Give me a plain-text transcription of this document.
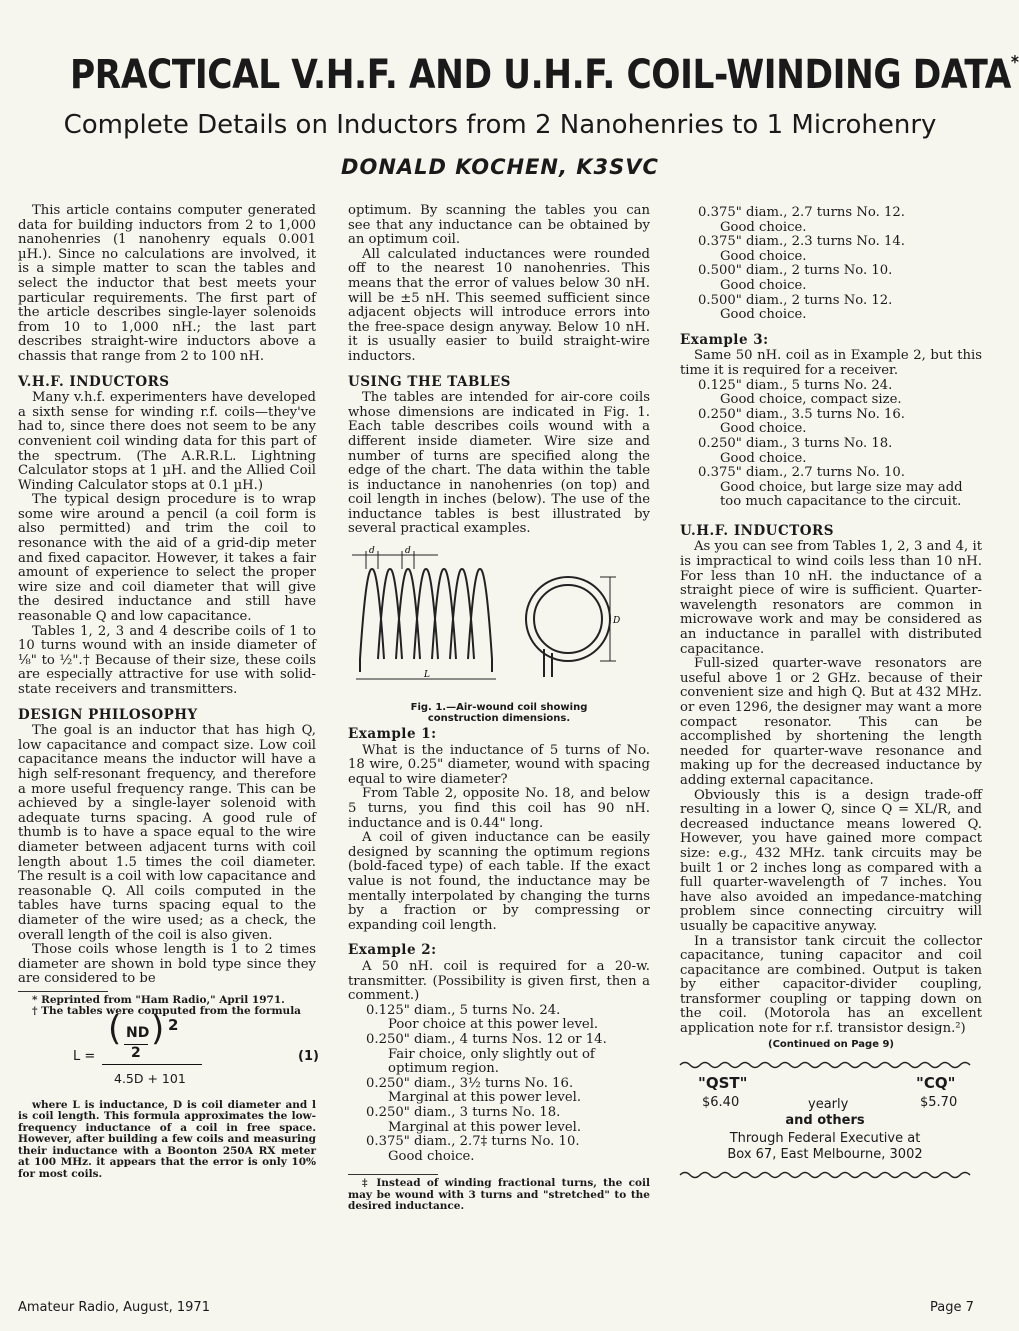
PRACTICAL V.H.F. AND U.H.F. COIL-WINDING DATA*
Complete Details on Inductors from 2 Nanohenries to 1 Microhenry
DONALD KOCHEN, K3SVC

This article contains computer generated data for building inductors from 2 to 1,000 nanohenries (1 nanohenry equals 0.001 µH.). Since no calculations are involved, it is a simple matter to scan the tables and select the inductor that best meets your particular requirements. The first part of the article describes single-layer solenoids from 10 to 1,000 nH.; the last part describes straight-wire inductors above a chassis that range from 2 to 100 nH.

V.H.F. INDUCTORS

Many v.h.f. experimenters have developed a sixth sense for winding r.f. coils—they've had to, since there does not seem to be any convenient coil winding data for this part of the spectrum. (The A.R.R.L. Lightning Calculator stops at 1 µH. and the Allied Coil Winding Calculator stops at 0.1 µH.)

The typical design procedure is to wrap some wire around a pencil (a coil form is also permitted) and trim the coil to resonance with the aid of a grid-dip meter and fixed capacitor. However, it takes a fair amount of experience to select the proper wire size and coil diameter that will give the desired inductance and still have reasonable Q and low capacitance.

Tables 1, 2, 3 and 4 describe coils of 1 to 10 turns wound with an inside diameter of ⅛" to ½".† Because of their size, these coils are especially attractive for use with solid-state receivers and transmitters.

DESIGN PHILOSOPHY

The goal is an inductor that has high Q, low capacitance and compact size. Low coil capacitance means the inductor will have a high self-resonant frequency, and therefore a more useful frequency range. This can be achieved by a single-layer solenoid with adequate turns spacing. A good rule of thumb is to have a space equal to the wire diameter between adjacent turns with coil length about 1.5 times the coil diameter. The result is a coil with low capacitance and reasonable Q. All coils computed in the tables have turns spacing equal to the diameter of the wire used; as a check, the overall length of the coil is also given.

Those coils whose length is 1 to 2 times diameter are shown in bold type since they are considered to be

* Reprinted from "Ham Radio," April 1971.

† The tables were computed from the formula

L =
( ND
2
) 2
4.5D + 101
(1)

where L is inductance, D is coil diameter and l is coil length. This formula approximates the low-frequency inductance of a coil in free space. However, after building a few coils and measuring their inductance with a Boonton 250A RX meter at 100 MHz. it appears that the error is only 10% for most coils.

optimum. By scanning the tables you can see that any inductance can be obtained by an optimum coil.

All calculated inductances were rounded off to the nearest 10 nanohenries. This means that the error of values below 30 nH. will be ±5 nH. This seemed sufficient since adjacent objects will introduce errors into the free-space design anyway. Below 10 nH. it is usually easier to build straight-wire inductors.

USING THE TABLES

The tables are intended for air-core coils whose dimensions are indicated in Fig. 1. Each table describes coils wound with a different inside diameter. Wire size and number of turns are specified along the edge of the chart. The data within the table is inductance in nanohenries (on top) and coil length in inches (below). The use of the inductance tables is best illustrated by several practical examples.

d	d
D
L
Fig. 1.—Air-wound coil showing
construction dimensions.
Example 1:

What is the inductance of 5 turns of No. 18 wire, 0.25" diameter, wound with spacing equal to wire diameter?

From Table 2, opposite No. 18, and below 5 turns, you find this coil has 90 nH. inductance and is 0.44" long.

A coil of given inductance can be easily designed by scanning the optimum regions (bold-faced type) of each table. If the exact value is not found, the inductance may be mentally interpolated by changing the turns by a fraction or by compressing or expanding coil length.

Example 2:

A 50 nH. coil is required for a 20-w. transmitter. (Possibility is given first, then a comment.)

0.125" diam., 5 turns No. 24.
Poor choice at this power level.
0.250" diam., 4 turns Nos. 12 or 14.
Fair choice, only slightly out of optimum region.
0.250" diam., 3½ turns No. 16.
Marginal at this power level.
0.250" diam., 3 turns No. 18.
Marginal at this power level.
0.375" diam., 2.7‡ turns No. 10.
Good choice.

‡ Instead of winding fractional turns, the coil may be wound with 3 turns and "stretched" to the desired inductance.

0.375" diam., 2.7 turns No. 12.
Good choice.
0.375" diam., 2.3 turns No. 14.
Good choice.
0.500" diam., 2 turns No. 10.
Good choice.
0.500" diam., 2 turns No. 12.
Good choice.
Example 3:

Same 50 nH. coil as in Example 2, but this time it is required for a receiver.

0.125" diam., 5 turns No. 24.
Good choice, compact size.
0.250" diam., 3.5 turns No. 16.
Good choice.
0.250" diam., 3 turns No. 18.
Good choice.
0.375" diam., 2.7 turns No. 10.
Good choice, but large size may add too much capacitance to the circuit.
U.H.F. INDUCTORS

As you can see from Tables 1, 2, 3 and 4, it is impractical to wind coils less than 10 nH. For less than 10 nH. the inductance of a straight piece of wire is sufficient. Quarter-wavelength resonators are common in microwave work and may be considered as an inductance in parallel with distributed capacitance.

Full-sized quarter-wave resonators are useful above 1 or 2 GHz. because of their convenient size and high Q. But at 432 MHz. or even 1296, the designer may want a more compact resonator. This can be accomplished by shortening the length needed for quarter-wave resonance and making up for the decreased inductance by adding external capacitance.

Obviously this is a design trade-off resulting in a lower Q, since Q = XL/R, and decreased inductance means lowered Q. However, you have gained more compact size: e.g., 432 MHz. tank circuits may be built 1 or 2 inches long as compared with a full quarter-wavelength of 7 inches. You have also avoided an impedance-matching problem since connecting circuitry will usually be capacitive anyway.

In a transistor tank circuit the collector capacitance, tuning capacitor and coil capacitance are combined. Output is taken by either capacitor-divider coupling, transformer coupling or tapping down on the coil. (Motorola has an excellent application note for r.f. transistor design.²)

(Continued on Page 9)
"QST"	"CQ"
$6.40	yearly	$5.70
and others
Through Federal Executive at
Box 67, East Melbourne, 3002
Amateur Radio, August, 1971	Page 7
